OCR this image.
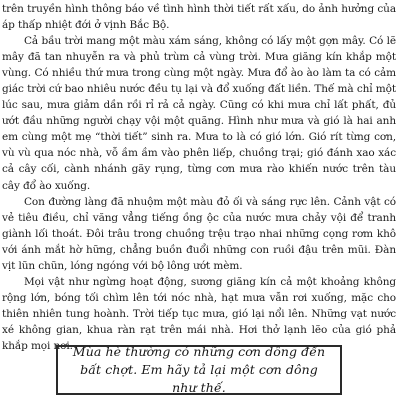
trên truyền hình thông báo về tình hình thời tiết rất xấu, do ảnh hưởng của áp thấp nhiệt đới ở vịnh Bắc Bộ.

Cả bầu trời mang một màu xám sáng, không có lấy một gợn mây. Có lẽ mây đã tan nhuyễn ra và phủ trùm cả vùng trời. Mưa giăng kín khắp một vùng. Có nhiều thứ mưa trong cùng một ngày. Mưa đổ ào ào làm ta có cảm giác trời cứ bao nhiêu nước đều tụ lại và đổ xuống đất liền. Thế mà chỉ một lúc sau, mưa giảm dần rồi rỉ rả cả ngày. Cũng có khi mưa chỉ lất phất, đủ ướt đầu những người chạy vội một quãng. Hình như mưa và gió là hai anh em cùng một mẹ “thời tiết” sinh ra. Mưa to là có gió lớn. Gió rít từng cơn, vù vù qua nóc nhà, vỗ ầm ầm vào phên liếp, chuồng trại; gió đánh xao xác cả cây cối, cành nhánh gãy rụng, từng cơn mưa rào khiến nước trên tàu cây đổ ào xuống.

Con đường làng đã nhuộm một màu đỏ ối và sáng rực lên. Cảnh vật có vẻ tiêu điều, chỉ văng vẳng tiếng ồng ộc của nước mưa chảy vội để tranh giành lối thoát. Đôi trâu trong chuồng trệu trạo nhai những cọng rơm khô với ánh mắt hờ hững, chẳng buồn đuổi những con ruồi đậu trên mũi. Đàn vịt lũn chũn, lóng ngóng với bộ lông ướt mèm.

Mọi vật như ngừng hoạt động, sương giăng kín cả một khoảng không rộng lớn, bóng tối chìm lên tới nóc nhà, hạt mưa vẫn rơi xuống, mặc cho thiên nhiên tung hoành. Trời tiếp tục mưa, gió lại nổi lên. Những vạt nước xé không gian, khua ràn rạt trên mái nhà. Hơi thở lạnh lẽo của gió phả khắp mọi nơi. Mùa hè thường có những cơn dông đến bất chợt. Em hãy tả lại một cơn dông như thế.
